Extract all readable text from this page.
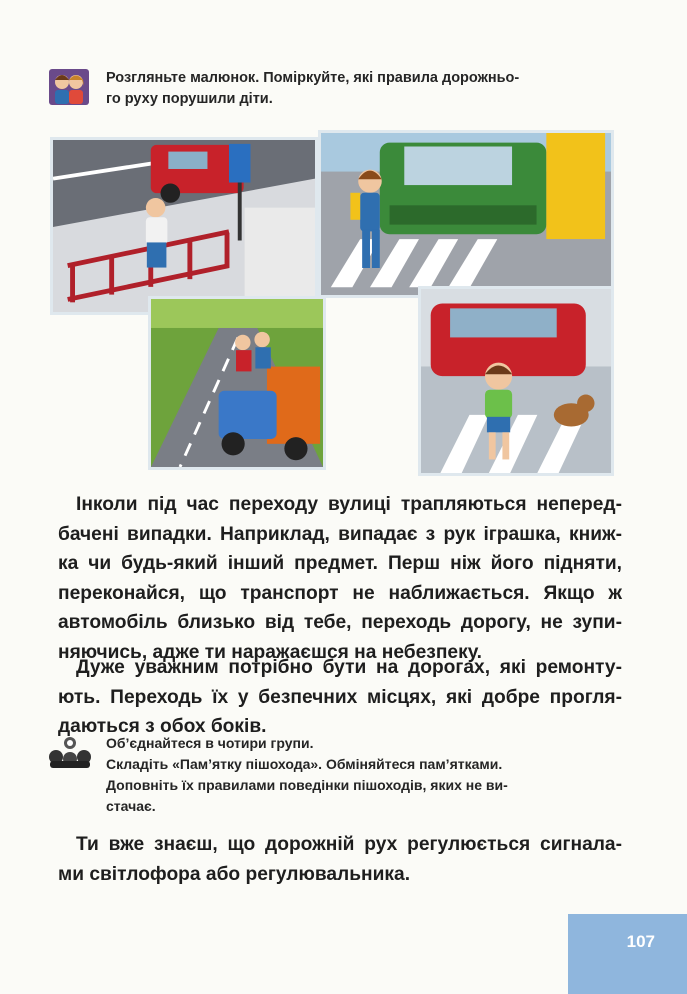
Розгляньте малюнок. Поміркуйте, які правила дорожньо-
го руху порушили діти.
Інколи під час переходу вулиці трапляються неперед-
бачені випадки. Наприклад, випадає з рук іграшка, книж-
ка чи будь-який інший предмет. Перш ніж його підняти,
переконайся, що транспорт не наближається. Якщо ж
автомобіль близько від тебе, переходь дорогу, не зупи-
няючись, адже ти наражаєшся на небезпеку.
Дуже уважним потрібно бути на дорогах, які ремонту-
ють. Переходь їх у безпечних місцях, які добре прогля-
даються з обох боків.
Об’єднайтеся в чотири групи.
Складіть «Пам’ятку пішохода». Обміняйтеся пам’ятками.
Доповніть їх правилами поведінки пішоходів, яких не ви-
стачає.
Ти вже знаєш, що дорожній рух регулюється сигнала-
ми світлофора або регулювальника.
107
